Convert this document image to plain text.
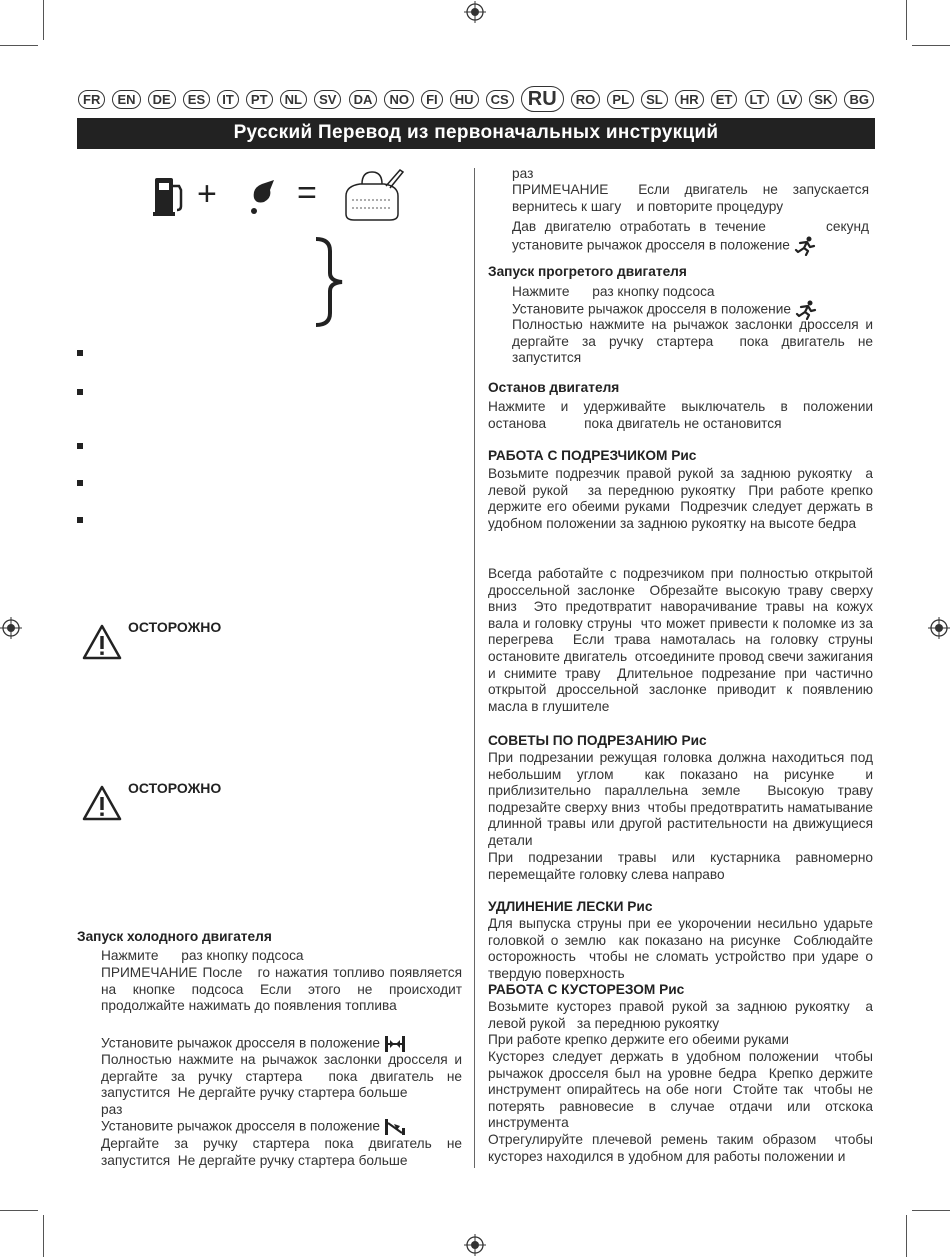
FR	EN	DE	ES	IT	PT	NL	SV	DA	NO	FI	HU	CS RU	RO	PL	SL	HR	ET	LT	LV	SK	BG
Русский Перевод из первоначальных инструкций
+ =
ОСТОРОЖНО
ОСТОРОЖНО
Запуск холодного двигателя
Нажмите      раз кнопку подсоса
ПРИМЕЧАНИЕ После   го нажатия топливо появляется на кнопке подсоса Если этого не происходит продолжайте нажимать до появления топлива
Установите рычажок дросселя в положение
Полностью нажмите на рычажок заслонки дросселя и дергайте за ручку стартера  пока двигатель не запустится  Не дергайте ручку стартера больше
раз
Установите рычажок дросселя в положение
Дергайте за ручку стартера пока двигатель не запустится  Не дергайте ручку стартера больше
раз
ПРИМЕЧАНИЕ  Если двигатель не запускается вернитесь к шагу    и повторите процедуру
Дав двигателю отработать в течение       секунд установите рычажок дросселя в положение
Запуск прогретого двигателя
Нажмите      раз кнопку подсоса
Установите рычажок дросселя в положение
Полностью нажмите на рычажок заслонки дросселя и дергайте за ручку стартера  пока двигатель не запустится
Останов двигателя
Нажмите и удерживайте выключатель в положении останова          пока двигатель не остановится
РАБОТА С ПОДРЕЗЧИКОМ Рис
Возьмите подрезчик правой рукой за заднюю рукоятку  а левой рукой   за переднюю рукоятку  При работе крепко держите его обеими руками  Подрезчик следует держать в удобном положении за заднюю рукоятку на высоте бедра
Всегда работайте с подрезчиком при полностью открытой дроссельной заслонке  Обрезайте высокую траву сверху вниз  Это предотвратит наворачивание травы на кожух вала и головку струны  что может привести к поломке из за перегрева  Если трава намоталась на головку струны остановите двигатель  отсоедините провод свечи зажигания и снимите траву  Длительное подрезание при частично открытой дроссельной заслонке приводит к появлению масла в глушителе
СОВЕТЫ ПО ПОДРЕЗАНИЮ Рис
При подрезании режущая головка должна находиться под небольшим углом  как показано на рисунке  и приблизительно параллельна земле  Высокую траву подрезайте сверху вниз  чтобы предотвратить наматывание длинной травы или другой растительности на движущиеся детали
При подрезании травы или кустарника равномерно перемещайте головку слева направо
УДЛИНЕНИЕ ЛЕСКИ Рис
Для выпуска струны при ее укорочении несильно ударьте головкой о землю  как показано на рисунке  Соблюдайте осторожность  чтобы не сломать устройство при ударе о твердую поверхность
РАБОТА С КУСТОРЕЗОМ Рис
Возьмите кусторез правой рукой за заднюю рукоятку  а левой рукой   за переднюю рукоятку
При работе крепко держите его обеими руками
Кусторез следует держать в удобном положении  чтобы рычажок дросселя был на уровне бедра  Крепко держите инструмент опирайтесь на обе ноги  Стойте так  чтобы не потерять равновесие в случае отдачи или отскока инструмента
Отрегулируйте плечевой ремень таким образом  чтобы кусторез находился в удобном для работы положении и
